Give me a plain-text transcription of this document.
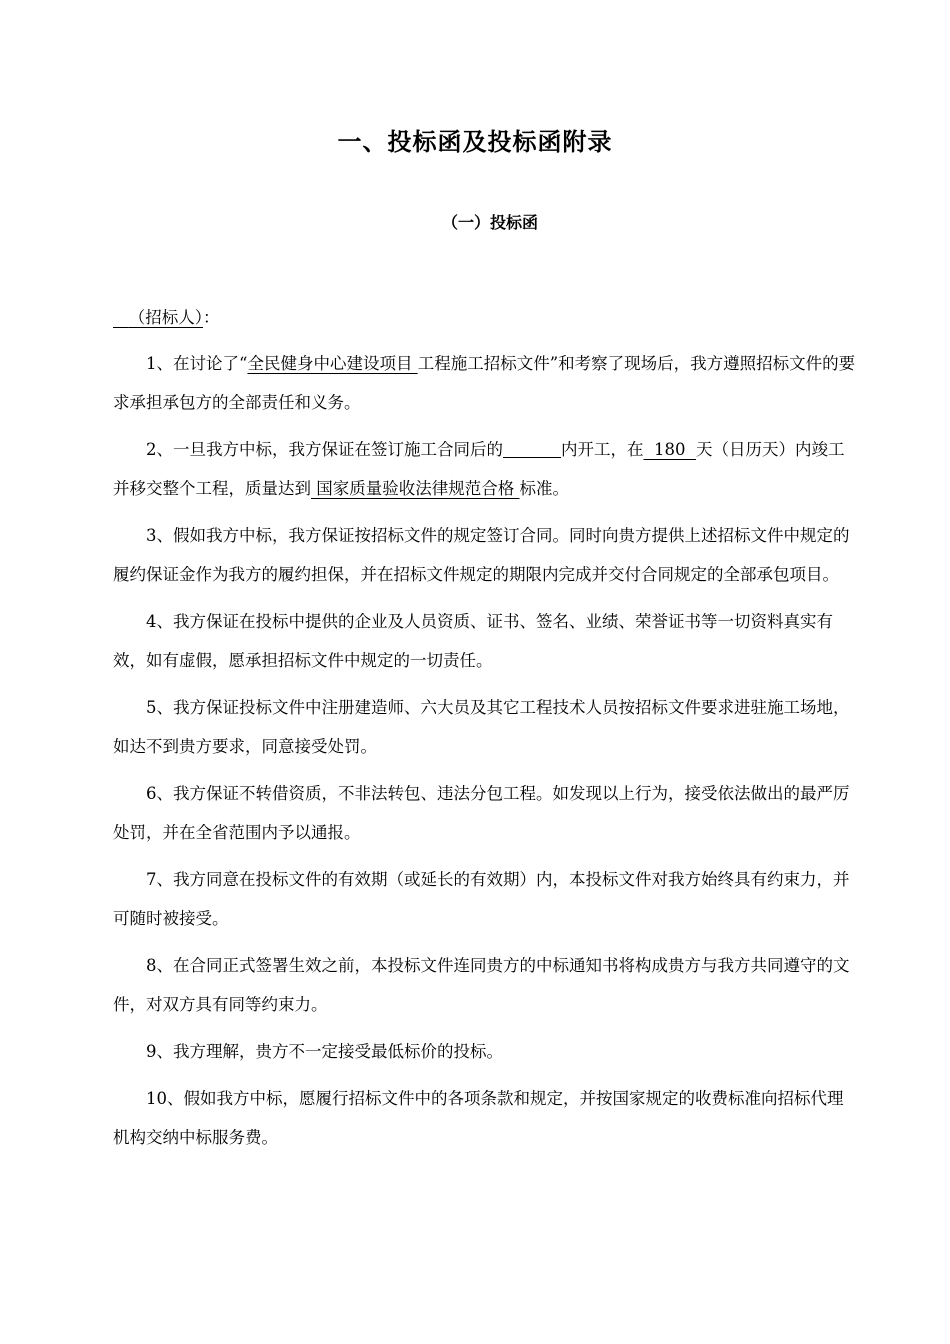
一、投标函及投标函附录
（一）投标函
（招标人）：

1、在讨论了“全民健身中心建设项目 工程施工招标文件”和考察了现场后，我方遵照招标文件的要求承担承包方的全部责任和义务。

2、一旦我方中标，我方保证在签订施工合同后的	内开工，在  180  天（日历天）内竣工并移交整个工程，质量达到 国家质量验收法律规范合格 标准。

3、假如我方中标，我方保证按招标文件的规定签订合同。同时向贵方提供上述招标文件中规定的履约保证金作为我方的履约担保，并在招标文件规定的期限内完成并交付合同规定的全部承包项目。

4、我方保证在投标中提供的企业及人员资质、证书、签名、业绩、荣誉证书等一切资料真实有效，如有虚假，愿承担招标文件中规定的一切责任。

5、我方保证投标文件中注册建造师、六大员及其它工程技术人员按招标文件要求进驻施工场地，如达不到贵方要求，同意接受处罚。

6、我方保证不转借资质，不非法转包、违法分包工程。如发现以上行为，接受依法做出的最严厉处罚，并在全省范围内予以通报。

7、我方同意在投标文件的有效期（或延长的有效期）内，本投标文件对我方始终具有约束力，并可随时被接受。

8、在合同正式签署生效之前，本投标文件连同贵方的中标通知书将构成贵方与我方共同遵守的文件，对双方具有同等约束力。

9、我方理解，贵方不一定接受最低标价的投标。

10、假如我方中标，愿履行招标文件中的各项条款和规定，并按国家规定的收费标准向招标代理机构交纳中标服务费。
